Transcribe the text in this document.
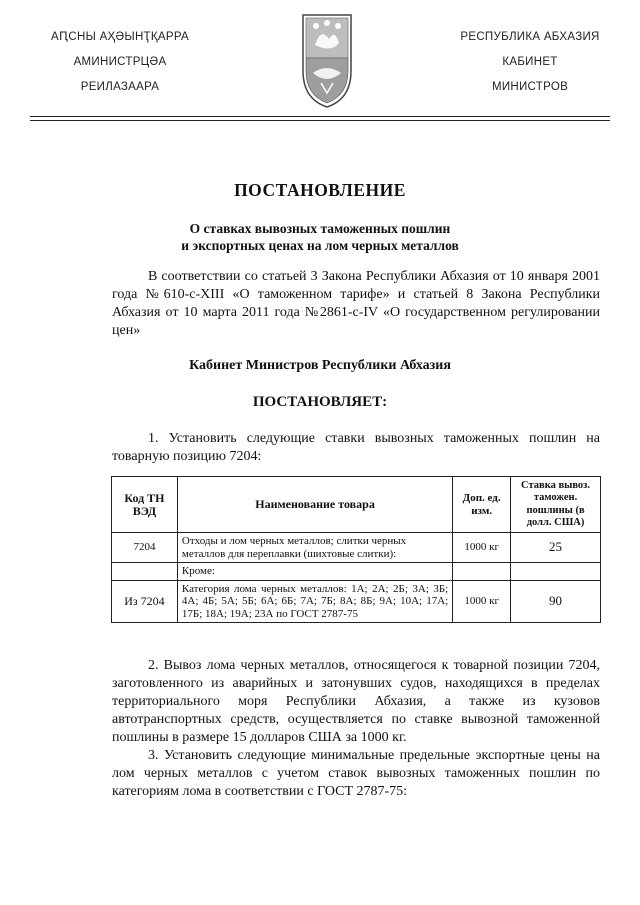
АԤСНЫ АҲӘЫНҬҚАРРА
АМИНИСТРЦӘА
РЕИЛАЗААРА
РЕСПУБЛИКА АБХАЗИЯ
КАБИНЕТ
МИНИСТРОВ
ПОСТАНОВЛЕНИЕ
О ставках вывозных таможенных пошлин
и экспортных ценах на лом черных металлов
В соответствии со статьей 3 Закона Республики Абхазия от 10 января 2001 года №610-с-XIII «О таможенном тарифе» и статьей 8 Закона Республики Абхазия от 10 марта 2011 года №2861-с-IV «О государственном регулировании цен»
Кабинет Министров Республики Абхазия
ПОСТАНОВЛЯЕТ:
1. Установить следующие ставки вывозных таможенных пошлин на товарную позицию 7204:
Код ТН ВЭД	Наименование товара	Доп. ед. изм.	Ставка вывоз. таможен. пошлины (в долл. США)
7204	Отходы и лом черных металлов; слитки черных металлов для переплавки (шихтовые слитки):	1000 кг	25
	Кроме:		
Из 7204	Категория лома черных металлов: 1А; 2А; 2Б; 3А; 3Б; 4А; 4Б; 5А; 5Б; 6А; 6Б; 7А; 7Б; 8А; 8Б; 9А; 10А; 17А; 17Б; 18А; 19А; 23А по ГОСТ 2787-75	1000 кг	90
2. Вывоз лома черных металлов, относящегося к товарной позиции 7204, заготовленного из аварийных и затонувших судов, находящихся в пределах территориального моря Республики Абхазия, а также из кузовов автотранспортных средств, осуществляется по ставке вывозной таможенной пошлины в размере 15 долларов США за 1000 кг.
3. Установить следующие минимальные предельные экспортные цены на лом черных металлов с учетом ставок вывозных таможенных пошлин по категориям лома в соответствии с ГОСТ 2787-75:
